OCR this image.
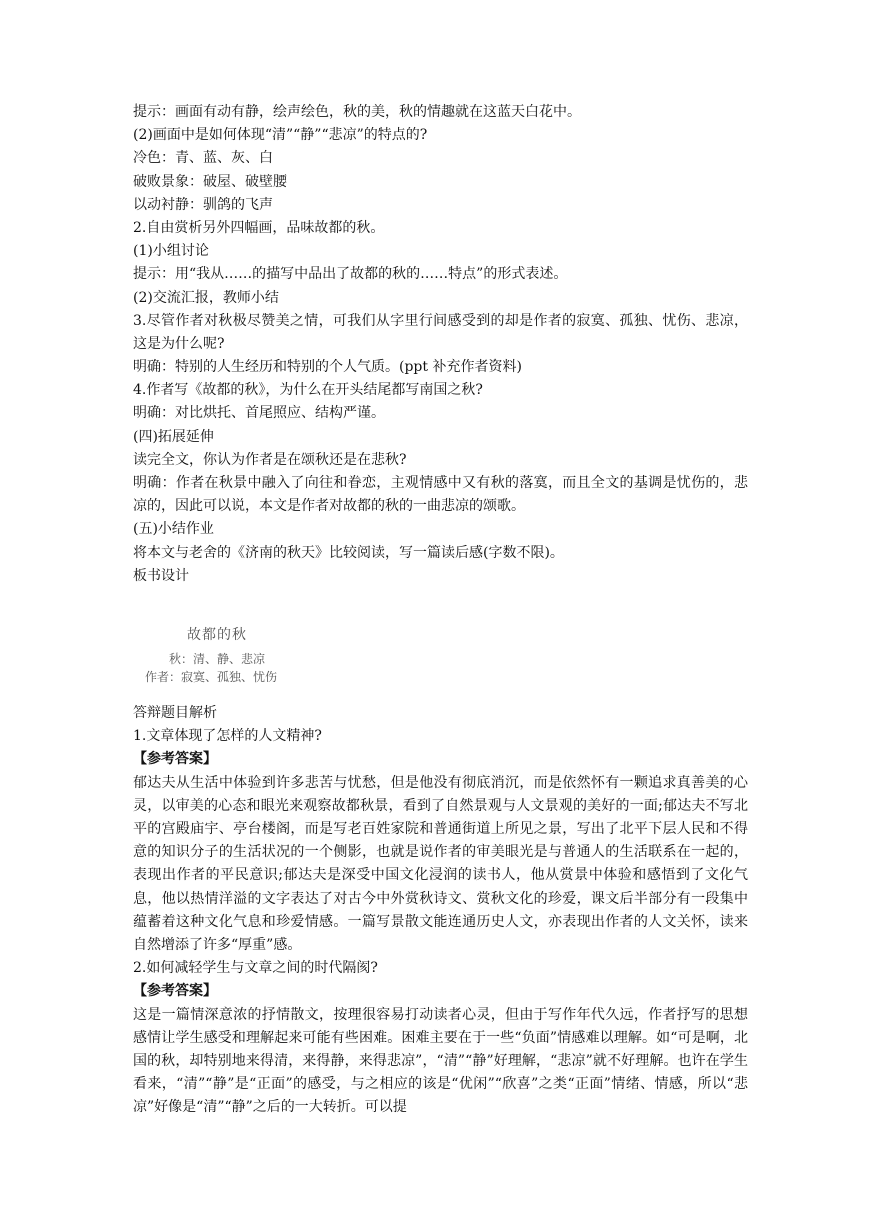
提示：画面有动有静，绘声绘色，秋的美，秋的情趣就在这蓝天白花中。
(2)画面中是如何体现“清”“静”“悲凉”的特点的?
冷色：青、蓝、灰、白
破败景象：破屋、破壁腰
以动衬静：驯鸽的飞声
2.自由赏析另外四幅画，品味故都的秋。
(1)小组讨论
提示：用“我从……的描写中品出了故都的秋的……特点”的形式表述。
(2)交流汇报，教师小结
3.尽管作者对秋极尽赞美之情，可我们从字里行间感受到的却是作者的寂寞、孤独、忧伤、悲凉，这是为什么呢?
明确：特别的人生经历和特别的个人气质。(ppt 补充作者资料)
4.作者写《故都的秋》，为什么在开头结尾都写南国之秋?
明确：对比烘托、首尾照应、结构严谨。
(四)拓展延伸
读完全文，你认为作者是在颂秋还是在悲秋?
明确：作者在秋景中融入了向往和眷恋，主观情感中又有秋的落寞，而且全文的基调是忧伤的，悲凉的，因此可以说，本文是作者对故都的秋的一曲悲凉的颂歌。
(五)小结作业
将本文与老舍的《济南的秋天》比较阅读，写一篇读后感(字数不限)。
板书设计
故都的秋
秋：清、静、悲凉
作者：寂寞、孤独、忧伤
答辩题目解析
1.文章体现了怎样的人文精神?
【参考答案】
郁达夫从生活中体验到许多悲苦与忧愁，但是他没有彻底消沉，而是依然怀有一颗追求真善美的心灵，以审美的心态和眼光来观察故都秋景，看到了自然景观与人文景观的美好的一面;郁达夫不写北平的宫殿庙宇、亭台楼阁，而是写老百姓家院和普通街道上所见之景，写出了北平下层人民和不得意的知识分子的生活状况的一个侧影，也就是说作者的审美眼光是与普通人的生活联系在一起的，表现出作者的平民意识;郁达夫是深受中国文化浸润的读书人，他从赏景中体验和感悟到了文化气息，他以热情洋溢的文字表达了对古今中外赏秋诗文、赏秋文化的珍爱，课文后半部分有一段集中蕴蓄着这种文化气息和珍爱情感。一篇写景散文能连通历史人文，亦表现出作者的人文关怀，读来自然增添了许多“厚重”感。
2.如何减轻学生与文章之间的时代隔阂?
【参考答案】
这是一篇情深意浓的抒情散文，按理很容易打动读者心灵，但由于写作年代久远，作者抒写的思想感情让学生感受和理解起来可能有些困难。困难主要在于一些“负面”情感难以理解。如“可是啊，北国的秋，却特别地来得清，来得静，来得悲凉”，“清”“静”好理解，“悲凉”就不好理解。也许在学生看来，“清”“静”是“正面”的感受，与之相应的该是“优闲”“欣喜”之类“正面”情绪、情感，所以“悲凉”好像是“清”“静”之后的一大转折。可以提
